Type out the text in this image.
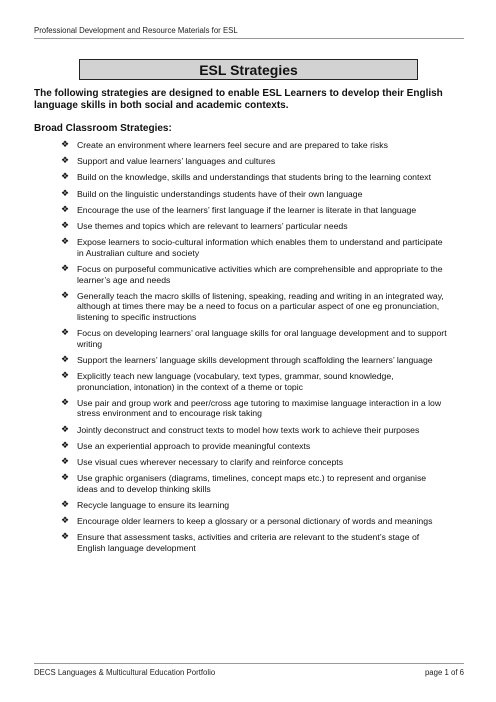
Professional Development and Resource Materials for ESL
ESL Strategies
The following strategies are designed to enable ESL Learners to develop their English language skills in both social and academic contexts.
Broad Classroom Strategies:
❖ Create an environment where learners feel secure and are prepared to take risks
❖ Support and value learners’ languages and cultures
❖ Build on the knowledge, skills and understandings that students bring to the learning context
❖ Build on the linguistic understandings students have of their own language
❖ Encourage the use of the learners’ first language if the learner is literate in that language
❖ Use themes and topics which are relevant to learners’ particular needs
❖ Expose learners to socio-cultural information which enables them to understand and participate in Australian culture and society
❖ Focus on purposeful communicative activities which are comprehensible and appropriate to the learner’s age and needs
❖ Generally teach the macro skills of listening, speaking, reading and writing in an integrated way, although at times there may be a need to focus on a particular aspect of one eg pronunciation, listening to specific instructions
❖ Focus on developing learners’ oral language skills for oral language development and to support writing
❖ Support the learners’ language skills development through scaffolding the learners’ language
❖ Explicitly teach new language (vocabulary, text types, grammar, sound knowledge, pronunciation, intonation) in the context of a theme or topic
❖ Use pair and group work and peer/cross age tutoring to maximise language interaction in a low stress environment and to encourage risk taking
❖ Jointly deconstruct and construct texts to model how texts work to achieve their purposes
❖ Use an experiential approach to provide meaningful contexts
❖ Use visual cues wherever necessary to clarify and reinforce concepts
❖ Use graphic organisers (diagrams, timelines, concept maps etc.) to represent and organise ideas and to develop thinking skills
❖ Recycle language to ensure its learning
❖ Encourage older learners to keep a glossary or a personal dictionary of words and meanings
❖ Ensure that assessment tasks, activities and criteria are relevant to the student’s stage of English language development
DECS Languages & Multicultural Education Portfolio	page 1 of 6
